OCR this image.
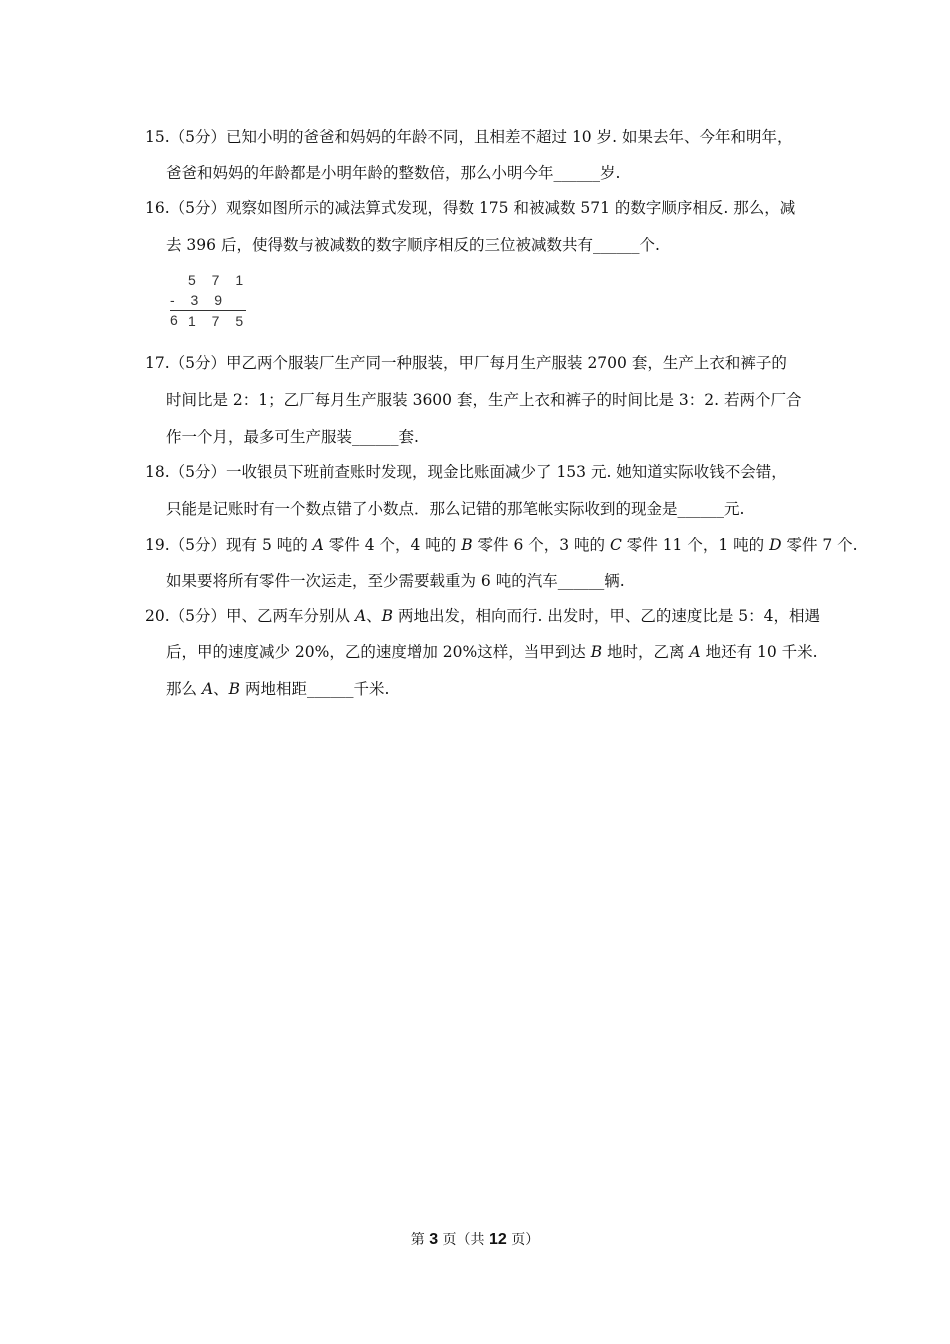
5 7 1
- 3 9 6 1 7 5
第 3 页（共 12 页）
15.（5分）已知小明的爸爸和妈妈的年龄不同，且相差不超过 10 岁. 如果去年、今年和明年，
爸爸和妈妈的年龄都是小明年龄的整数倍，那么小明今年______岁.
16.（5分）观察如图所示的减法算式发现，得数 175 和被减数 571 的数字顺序相反. 那么，减
去 396 后，使得数与被减数的数字顺序相反的三位被减数共有______个.
17.（5分）甲乙两个服装厂生产同一种服装，甲厂每月生产服装 2700 套，生产上衣和裤子的
时间比是 2：1；乙厂每月生产服装 3600 套，生产上衣和裤子的时间比是 3：2. 若两个厂合
作一个月，最多可生产服装______套.
18.（5分）一收银员下班前查账时发现，现金比账面减少了 153 元. 她知道实际收钱不会错，
只能是记账时有一个数点错了小数点．那么记错的那笔帐实际收到的现金是______元.
19.（5分）现有 5 吨的 A 零件 4 个，4 吨的 B 零件 6 个，3 吨的 C 零件 11 个，1 吨的 D 零件 7 个.
如果要将所有零件一次运走，至少需要载重为 6 吨的汽车______辆.
20.（5分）甲、乙两车分别从 A、B 两地出发，相向而行. 出发时，甲、乙的速度比是 5：4，相遇
后，甲的速度减少 20%，乙的速度增加 20%这样，当甲到达 B 地时，乙离 A 地还有 10 千米.
那么 A、B 两地相距______千米.
